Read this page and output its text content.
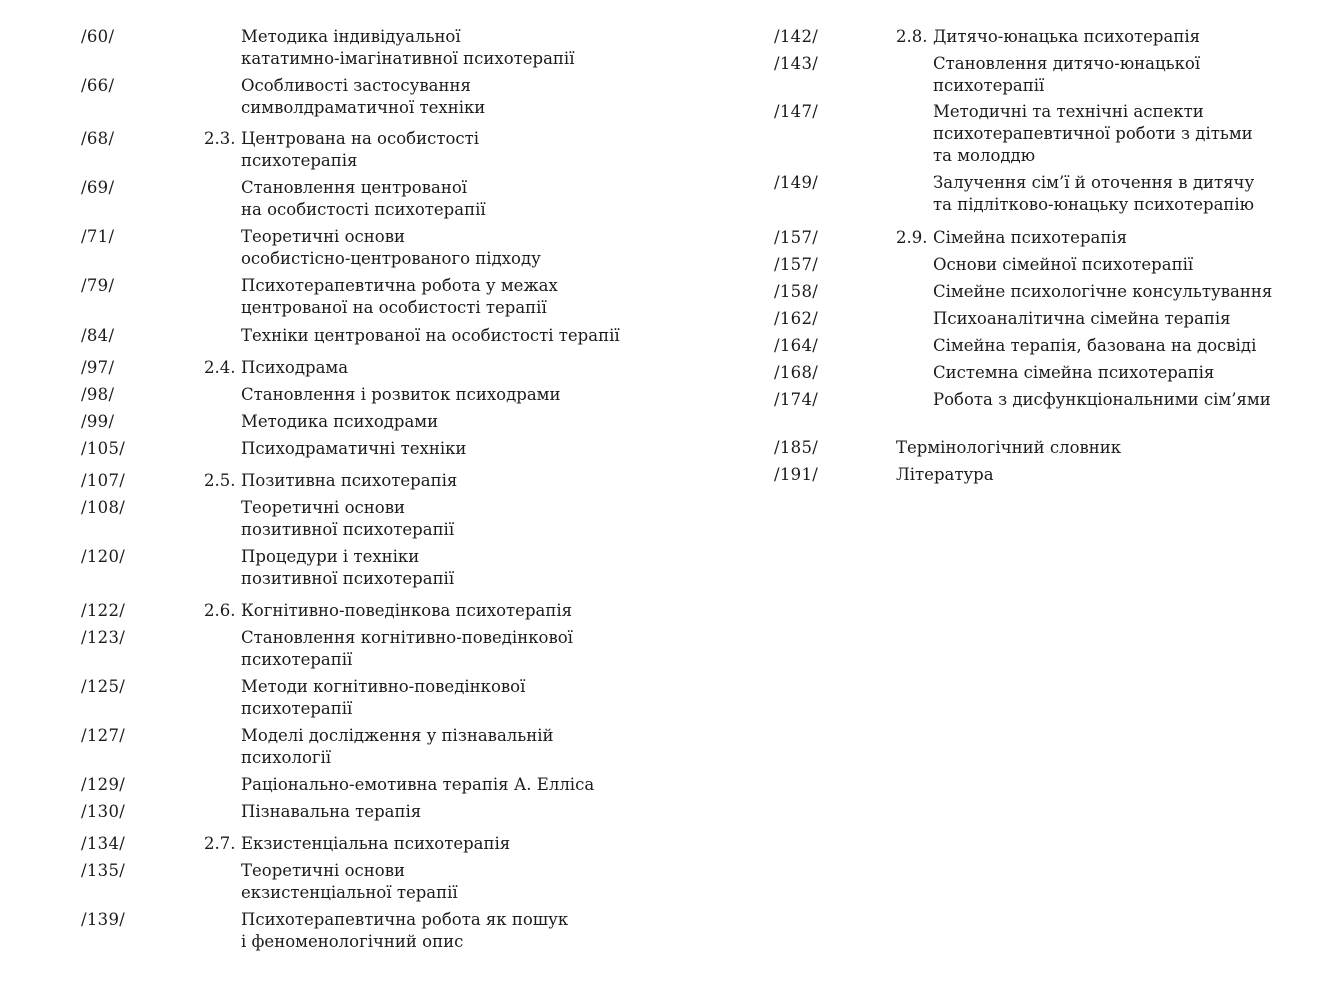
/60/	Методика індивідуальної
кататимно-імагінативної психотерапії
/66/	Особливості застосування
символдраматичної техніки
/68/	2.3. Центрована на особистості
психотерапія
/69/	Становлення центрованої
на особистості психотерапії
/71/	Теоретичні основи
особистісно-центрованого підходу
/79/	Психотерапевтична робота у межах
центрованої на особистості терапії
/84/	Техніки центрованої на особистості терапії
/97/	2.4. Психодрама
/98/	Становлення і розвиток психодрами
/99/	Методика психодрами
/105/	Психодраматичні техніки
/107/	2.5. Позитивна психотерапія
/108/	Теоретичні основи
позитивної психотерапії
/120/	Процедури і техніки
позитивної психотерапії
/122/	2.6. Когнітивно-поведінкова психотерапія
/123/	Становлення когнітивно-поведінкової
психотерапії
/125/	Методи когнітивно-поведінкової
психотерапії
/127/	Моделі дослідження у пізнавальній
психології
/129/	Раціонально-емотивна терапія А. Елліса
/130/	Пізнавальна терапія
/134/	2.7. Екзистенціальна психотерапія
/135/	Теоретичні основи
екзистенціальної терапії
/139/	Психотерапевтична робота як пошук
і феноменологічний опис
/142/	2.8. Дитячо-юнацька психотерапія
/143/	Становлення дитячо-юнацької
психотерапії
/147/	Методичні та технічні аспекти
психотерапевтичної роботи з дітьми
та молоддю
/149/	Залучення сім’ї й оточення в дитячу
та підлітково-юнацьку психотерапію
/157/	2.9. Сімейна психотерапія
/157/	Основи сімейної психотерапії
/158/	Сімейне психологічне консультування
/162/	Психоаналітична сімейна терапія
/164/	Сімейна терапія, базована на досвіді
/168/	Системна сімейна психотерапія
/174/	Робота з дисфункціональними сім’ями
/185/	Термінологічний словник
/191/	Література
